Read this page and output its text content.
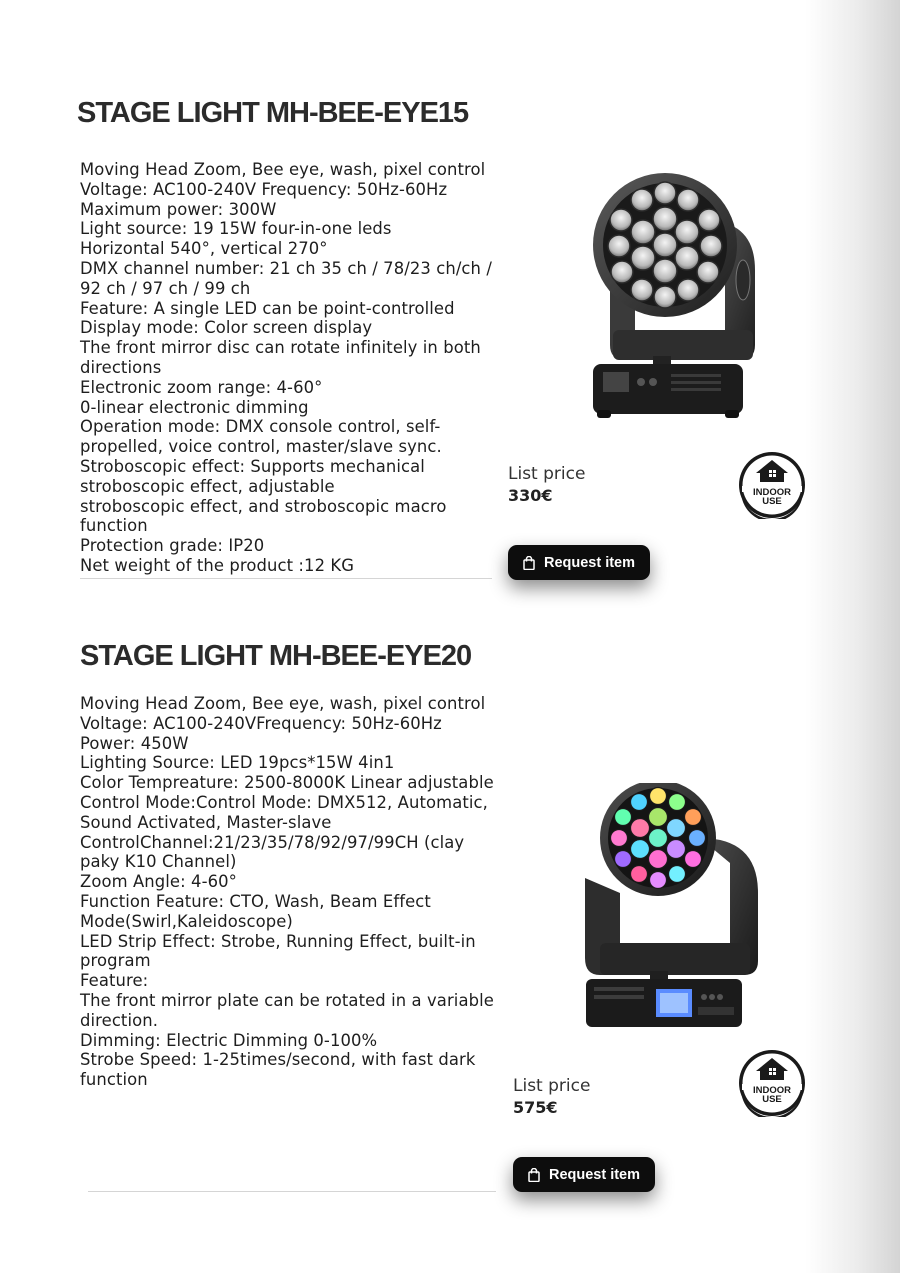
STAGE LIGHT MH-BEE-EYE15
Moving Head Zoom, Bee eye, wash, pixel control
Voltage: AC100-240V Frequency: 50Hz-60Hz
Maximum power: 300W
Light source: 19 15W four-in-one leds
Horizontal 540°, vertical 270°
DMX channel number: 21 ch 35 ch / 78/23 ch/ch / 92 ch / 97 ch / 99 ch
Feature: A single LED can be point-controlled
Display mode: Color screen display
The front mirror disc can rotate infinitely in both directions
Electronic zoom range: 4-60°
0-linear electronic dimming
Operation mode: DMX console control, self-propelled, voice control, master/slave sync.
Stroboscopic effect: Supports mechanical stroboscopic effect, adjustable
stroboscopic effect, and stroboscopic macro function
Protection grade: IP20
Net weight of the product :12 KG
List price
330€	INDOOR
USE
Request item
STAGE LIGHT MH-BEE-EYE20
Moving Head Zoom, Bee eye, wash, pixel control
Voltage: AC100-240VFrequency: 50Hz-60Hz
Power: 450W
Lighting Source: LED 19pcs*15W 4in1
Color Tempreature: 2500-8000K Linear adjustable
Control Mode:Control Mode: DMX512, Automatic, Sound Activated, Master-slave
ControlChannel:21/23/35/78/92/97/99CH (clay paky K10 Channel)
Zoom Angle: 4-60°
Function Feature: CTO, Wash, Beam Effect Mode(Swirl,Kaleidoscope)
LED Strip Effect: Strobe, Running Effect, built-in program
Feature:
The front mirror plate can be rotated in a variable direction.
Dimming: Electric Dimming 0-100%
Strobe Speed: 1-25times/second, with fast dark function	List price
575€
INDOOR
USE
Request item
